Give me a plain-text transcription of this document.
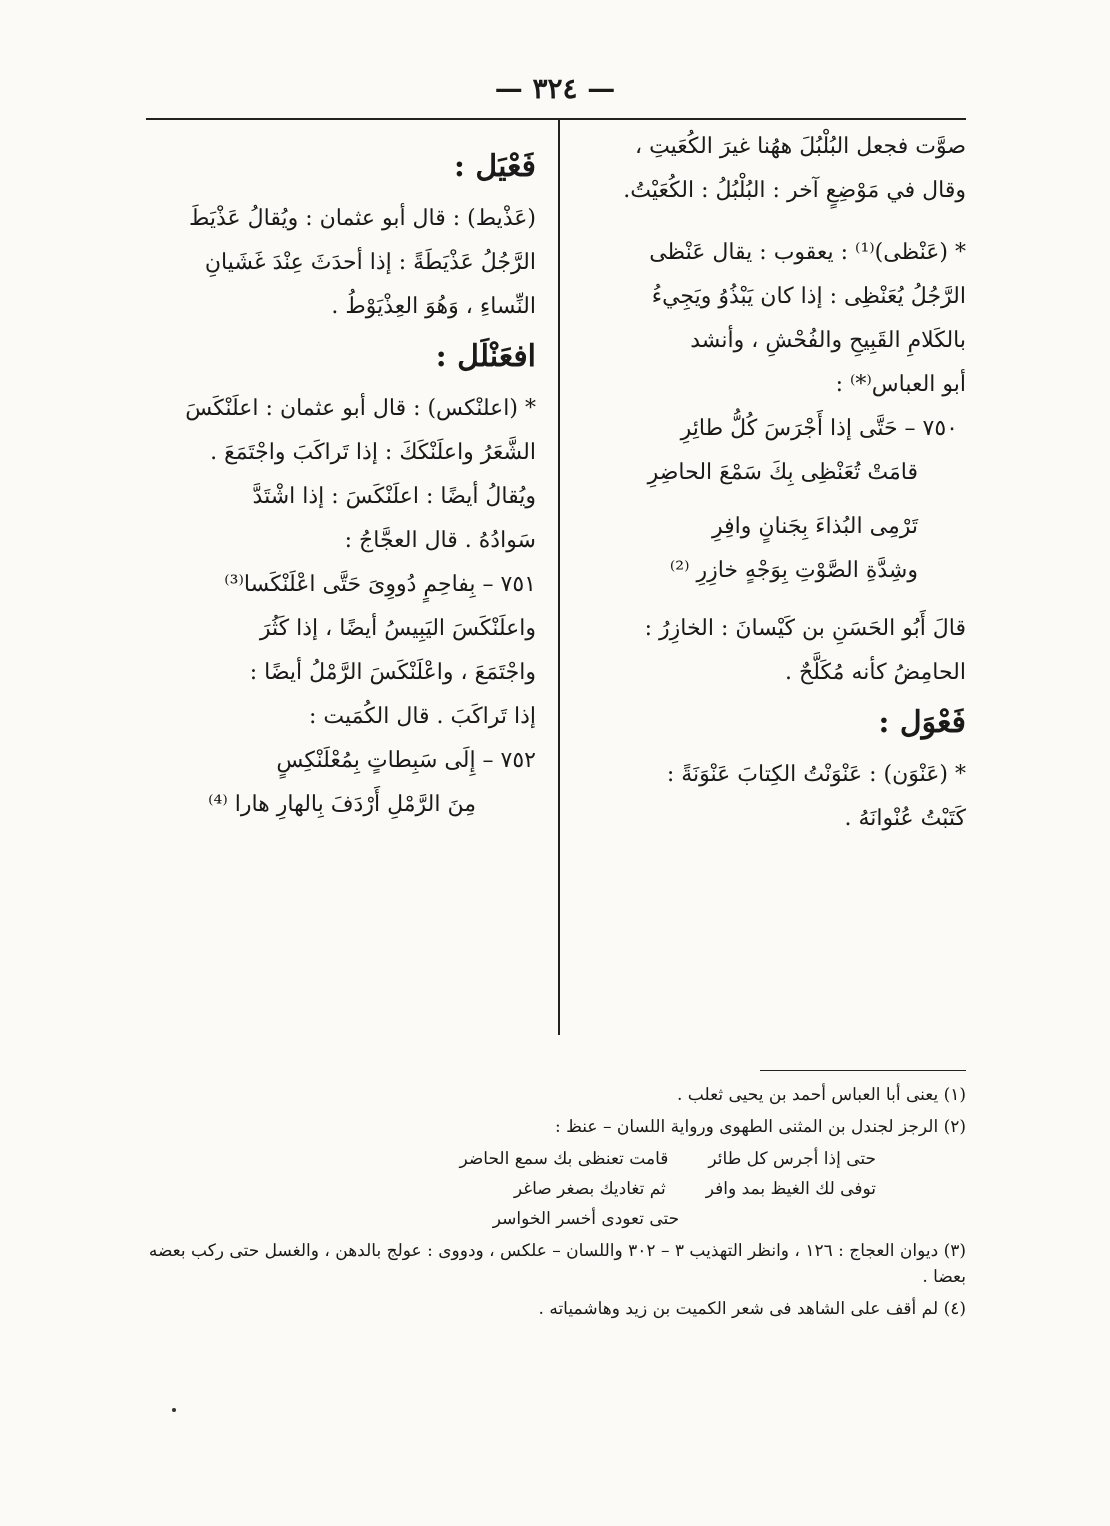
— ٣٢٤ —
صوَّت فجعل البُلْبُلَ ههُنا غيرَ الكُعَيتِ ،
وقال في مَوْضِعٍ آخر : البُلْبُلُ : الكُعَيْتُ.
* (عَنْظى)⁽¹⁾ : يعقوب : يقال عَنْظى
الرَّجُلُ يُعَنْظِى : إذا كان يَبْذُوُ ويَجِيءُ
بالكَلامِ القَبِيحِ والفُحْشِ ، وأنشد
أبو العباس⁽*⁾ :
٧٥٠ – حَتَّى إذا أَجْرَسَ كُلُّ طائِرِ
قامَتْ تُعَنْظِى بِكَ سَمْعَ الحاضِرِ
تَرْمِى البُذاءَ بِجَنانٍ وافِرِ
وشِدَّةِ الصَّوْتِ بِوَجْهٍ خازِرِ ⁽²⁾
قالَ أَبُو الحَسَنِ بن كَيْسانَ : الخازِرُ :
الحامِضُ كأنه مُكَلَّحٌ .
فَعْوَل :
* (عَنْوَن) : عَنْوَنْتُ الكِتابَ عَنْوَنَةً :
كَتَبْتُ عُنْوانَهُ .
فَعْيَل :
(عَذْيط) : قال أبو عثمان : ويُقالُ عَذْيَطَ
الرَّجُلُ عَذْيَطَةً : إذا أحدَثَ عِنْدَ غَشَيانِ
النِّساءِ ، وَهُوَ العِذْيَوْطُ .
افعَنْلَل :
* (اعلنْكس) : قال أبو عثمان : اعلَنْكَسَ
الشَّعَرُ واعلَنْكَكَ : إذا تَراكَبَ واجْتَمَعَ .
ويُقالُ أيضًا : اعلَنْكَسَ : إذا اشْتَدَّ
سَوادُهُ . قال العجَّاجُ :
٧٥١ – بِفاحِمٍ دُووِىَ حَتَّى اعْلَنْكَسا⁽³⁾
واعلَنْكَسَ اليَبِيسُ أيضًا ، إذا كَثُرَ
واجْتَمَعَ ، واعْلَنْكَسَ الرَّمْلُ أيضًا :
إذا تَراكَبَ . قال الكُمَيت :
٧٥٢ – إِلَى سَبِطاتٍ بِمُعْلَنْكِسٍ
مِنَ الرَّمْلِ أَرْدَفَ بِالهارِ هارا ⁽⁴⁾
(١) يعنى أبا العباس أحمد بن يحيى ثعلب .
(٢) الرجز لجندل بن المثنى الطهوى ورواية اللسان – عنظ :
حتى إذا أجرس كل طائر
قامت تعنظى بك سمع الحاضر
توفى لك الغيظ بمد وافر
ثم تغاديك بصغر صاغر
حتى تعودى أخسر الخواسر
(٣) ديوان العجاج : ١٢٦ ، وانظر التهذيب ٣ – ٣٠٢ واللسان – علكس ، ودووى : عولج بالدهن ، والغسل حتى ركب بعضه بعضا .
(٤) لم أقف على الشاهد فى شعر الكميت بن زيد وهاشمياته .
